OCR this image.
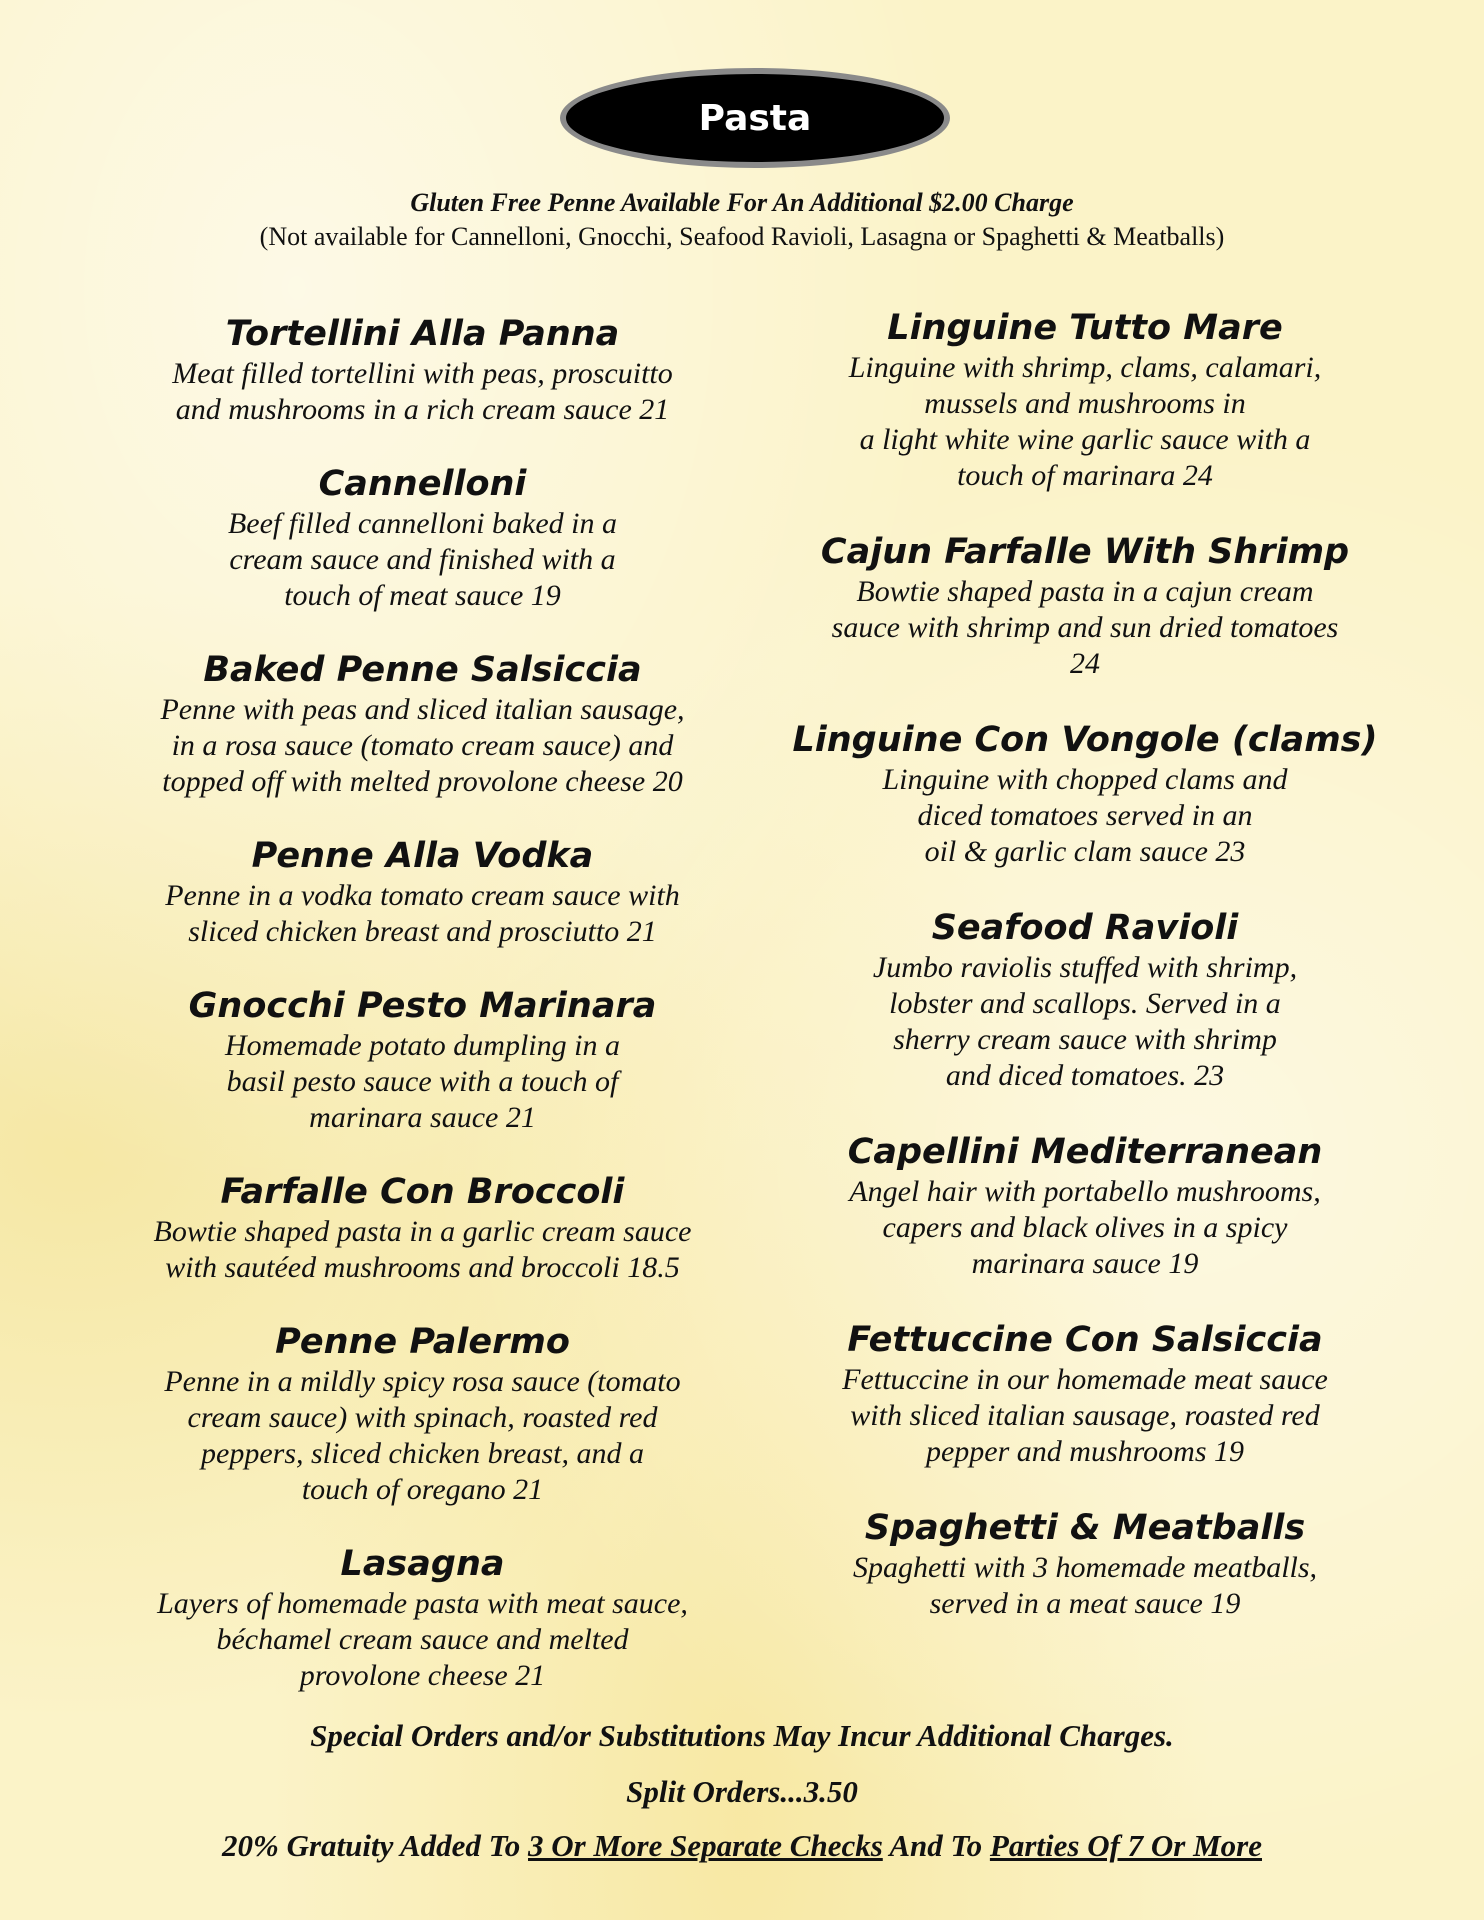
Pasta
Gluten Free Penne Available For An Additional $2.00 Charge
(Not available for Cannelloni, Gnocchi, Seafood Ravioli, Lasagna or Spaghetti & Meatballs)
Tortellini Alla Panna
Meat filled tortellini with peas, proscuitto
and mushrooms in a rich cream sauce 21
Cannelloni
Beef filled cannelloni baked in a
cream sauce and finished with a
touch of meat sauce 19
Baked Penne Salsiccia
Penne with peas and sliced italian sausage,
in a rosa sauce (tomato cream sauce) and
topped off with melted provolone cheese 20
Penne Alla Vodka
Penne in a vodka tomato cream sauce with
sliced chicken breast and prosciutto 21
Gnocchi Pesto Marinara
Homemade potato dumpling in a
basil pesto sauce with a touch of
marinara sauce 21
Farfalle Con Broccoli
Bowtie shaped pasta in a garlic cream sauce
with sautéed mushrooms and broccoli 18.5
Penne Palermo
Penne in a mildly spicy rosa sauce (tomato
cream sauce) with spinach, roasted red
peppers, sliced chicken breast, and a
touch of oregano 21
Lasagna
Layers of homemade pasta with meat sauce,
béchamel cream sauce and melted
provolone cheese 21
Linguine Tutto Mare
Linguine with shrimp, clams, calamari,
mussels and mushrooms in
a light white wine garlic sauce with a
touch of marinara 24
Cajun Farfalle With Shrimp
Bowtie shaped pasta in a cajun cream
sauce with shrimp and sun dried tomatoes
24
Linguine Con Vongole (clams)
Linguine with chopped clams and
diced tomatoes served in an
oil & garlic clam sauce 23
Seafood Ravioli
Jumbo raviolis stuffed with shrimp,
lobster and scallops. Served in a
sherry cream sauce with shrimp
and diced tomatoes. 23
Capellini Mediterranean
Angel hair with portabello mushrooms,
capers and black olives in a spicy
marinara sauce 19
Fettuccine Con Salsiccia
Fettuccine in our homemade meat sauce
with sliced italian sausage, roasted red
pepper and mushrooms 19
Spaghetti & Meatballs
Spaghetti with 3 homemade meatballs,
served in a meat sauce 19
Special Orders and/or Substitutions May Incur Additional Charges.
Split Orders...3.50
20% Gratuity Added To 3 Or More Separate Checks And To Parties Of 7 Or More
